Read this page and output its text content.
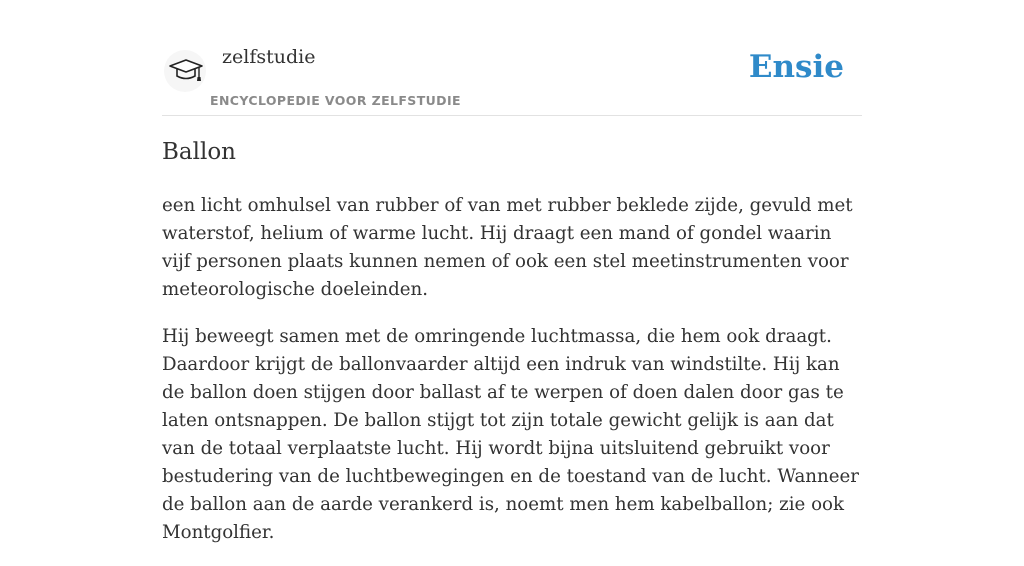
zelfstudie
ENCYCLOPEDIE VOOR ZELFSTUDIE
Ensie
Ballon

een licht omhulsel van rubber of van met rubber beklede zijde, gevuld met waterstof, helium of warme lucht. Hij draagt een mand of gondel waarin vijf personen plaats kunnen nemen of ook een stel meetinstrumenten voor meteorologische doeleinden.

Hij beweegt samen met de omringende luchtmassa, die hem ook draagt. Daardoor krijgt de ballonvaarder altijd een indruk van windstilte. Hij kan de ballon doen stijgen door ballast af te werpen of doen dalen door gas te laten ontsnappen. De ballon stijgt tot zijn totale gewicht gelijk is aan dat van de totaal verplaatste lucht. Hij wordt bijna uitsluitend gebruikt voor bestudering van de luchtbewegingen en de toestand van de lucht. Wanneer de ballon aan de aarde verankerd is, noemt men hem kabelballon; zie ook Montgolfier.
